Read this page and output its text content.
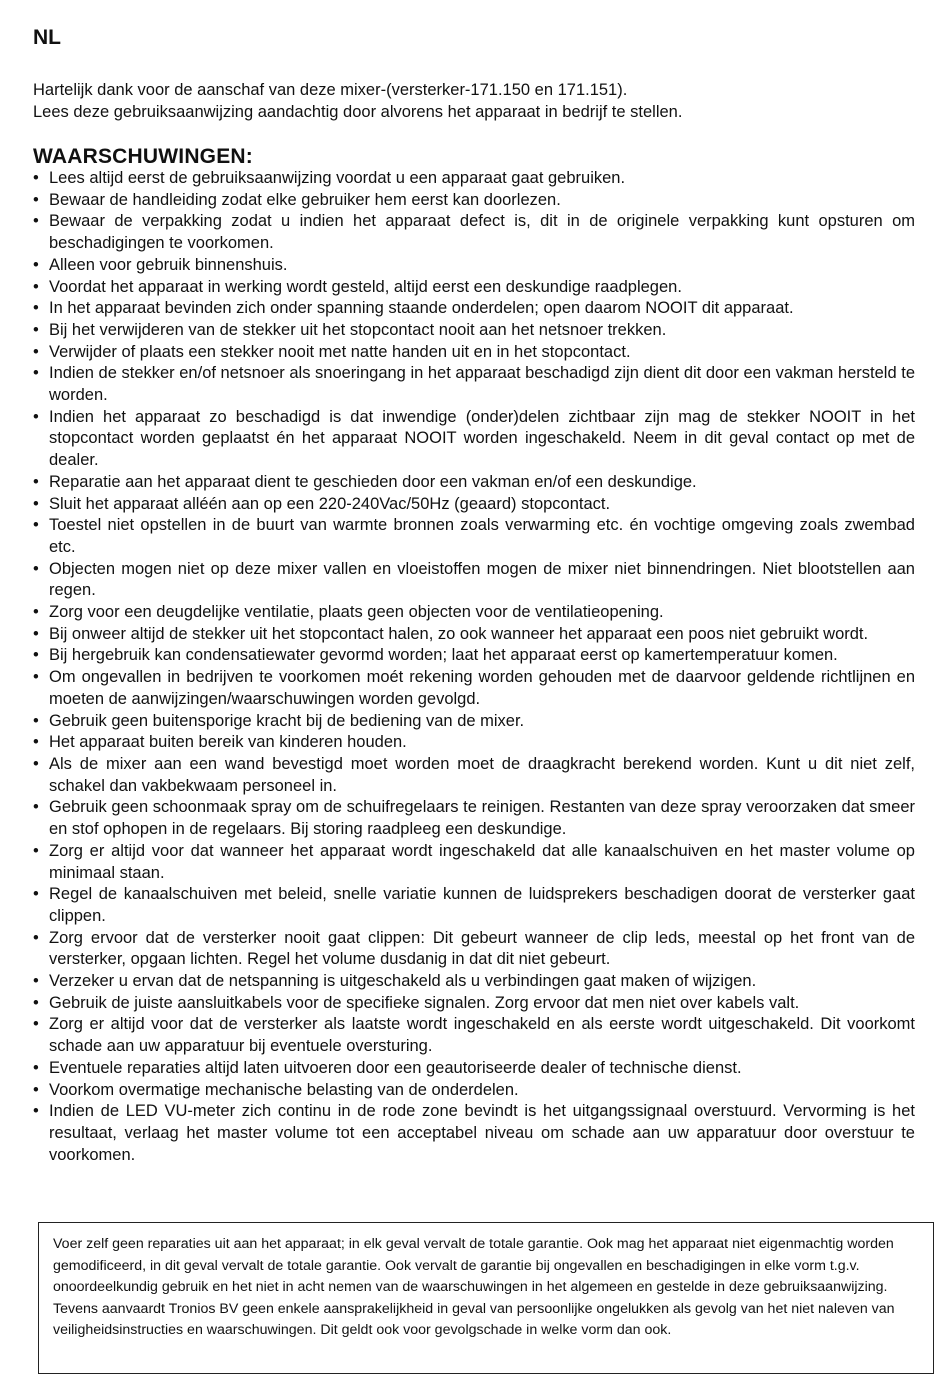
NL
Hartelijk dank voor de aanschaf van deze mixer-(versterker-171.150 en 171.151).
Lees deze gebruiksaanwijzing aandachtig door alvorens het apparaat in bedrijf te stellen.
WAARSCHUWINGEN:
• Lees altijd eerst de gebruiksaanwijzing voordat u een apparaat gaat gebruiken.
• Bewaar de handleiding zodat elke gebruiker hem eerst kan doorlezen.
• Bewaar de verpakking zodat u indien het apparaat defect is, dit in de originele verpakking kunt opsturen om beschadigingen te voorkomen.
• Alleen voor gebruik binnenshuis.
• Voordat het apparaat in werking wordt gesteld, altijd eerst een deskundige raadplegen.
• In het apparaat bevinden zich onder spanning staande onderdelen; open daarom NOOIT dit apparaat.
• Bij het verwijderen van de stekker uit het stopcontact nooit aan het netsnoer trekken.
• Verwijder of plaats een stekker nooit met natte handen uit en in het stopcontact.
• Indien de stekker en/of netsnoer als snoeringang in het apparaat beschadigd zijn dient dit door een vakman hersteld te worden.
• Indien het apparaat zo beschadigd is dat inwendige (onder)delen zichtbaar zijn mag de stekker NOOIT in het stopcontact worden geplaatst én het apparaat NOOIT worden ingeschakeld. Neem in dit geval contact op met de dealer.
• Reparatie aan het apparaat dient te geschieden door een vakman en/of een deskundige.
• Sluit het apparaat alléén aan op een 220-240Vac/50Hz (geaard) stopcontact.
• Toestel niet opstellen in de buurt van warmte bronnen zoals verwarming etc. én vochtige omgeving zoals zwembad etc.
• Objecten mogen niet op deze mixer vallen en vloeistoffen mogen de mixer niet binnendringen. Niet blootstellen aan regen.
• Zorg voor een deugdelijke ventilatie, plaats geen objecten voor de ventilatieopening.
• Bij onweer altijd de stekker uit het stopcontact halen, zo ook wanneer het apparaat een poos niet gebruikt wordt.
• Bij hergebruik kan condensatiewater gevormd worden; laat het apparaat eerst op kamertemperatuur komen.
• Om ongevallen in bedrijven te voorkomen moét rekening worden gehouden met de daarvoor geldende richtlijnen en moeten de aanwijzingen/waarschuwingen worden gevolgd.
• Gebruik geen buitensporige kracht bij de bediening van de mixer.
• Het apparaat buiten bereik van kinderen houden.
• Als de mixer aan een wand bevestigd moet worden moet de draagkracht berekend worden. Kunt u dit niet zelf, schakel dan vakbekwaam personeel in.
• Gebruik geen schoonmaak spray om de schuifregelaars te reinigen. Restanten van deze spray veroorzaken dat smeer en stof ophopen in de regelaars. Bij storing raadpleeg een deskundige.
• Zorg er altijd voor dat wanneer het apparaat wordt ingeschakeld dat alle kanaalschuiven en het master volume op minimaal staan.
• Regel de kanaalschuiven met beleid, snelle variatie kunnen de luidsprekers beschadigen doorat de versterker gaat clippen.
• Zorg ervoor dat de versterker nooit gaat clippen: Dit gebeurt wanneer de clip leds, meestal op het front van de versterker, opgaan lichten. Regel het volume dusdanig in dat dit niet gebeurt.
• Verzeker u ervan dat de netspanning is uitgeschakeld als u verbindingen gaat maken of wijzigen.
• Gebruik de juiste aansluitkabels voor de specifieke signalen. Zorg ervoor dat men niet over kabels valt.
• Zorg er altijd voor dat de versterker als laatste wordt ingeschakeld en als eerste wordt uitgeschakeld. Dit voorkomt schade aan uw apparatuur bij eventuele oversturing.
• Eventuele reparaties altijd laten uitvoeren door een geautoriseerde dealer of technische dienst.
• Voorkom overmatige mechanische belasting van de onderdelen.
• Indien de LED VU-meter zich continu in de rode zone bevindt is het uitgangssignaal overstuurd. Vervorming is het resultaat, verlaag het master volume tot een acceptabel niveau om schade aan uw apparatuur door overstuur te voorkomen.
Voer zelf geen reparaties uit aan het apparaat; in elk geval vervalt de totale garantie. Ook mag het apparaat niet eigenmachtig worden gemodificeerd, in dit geval vervalt de totale garantie. Ook vervalt de garantie bij ongevallen en beschadigingen in elke vorm t.g.v. onoordeelkundig gebruik en het niet in acht nemen van de waarschuwingen in het algemeen en gestelde in deze gebruiksaanwijzing. Tevens aanvaardt Tronios BV geen enkele aansprakelijkheid in geval van persoonlijke ongelukken als gevolg van het niet naleven van veiligheidsinstructies en waarschuwingen. Dit geldt ook voor gevolgschade in welke vorm dan ook.
